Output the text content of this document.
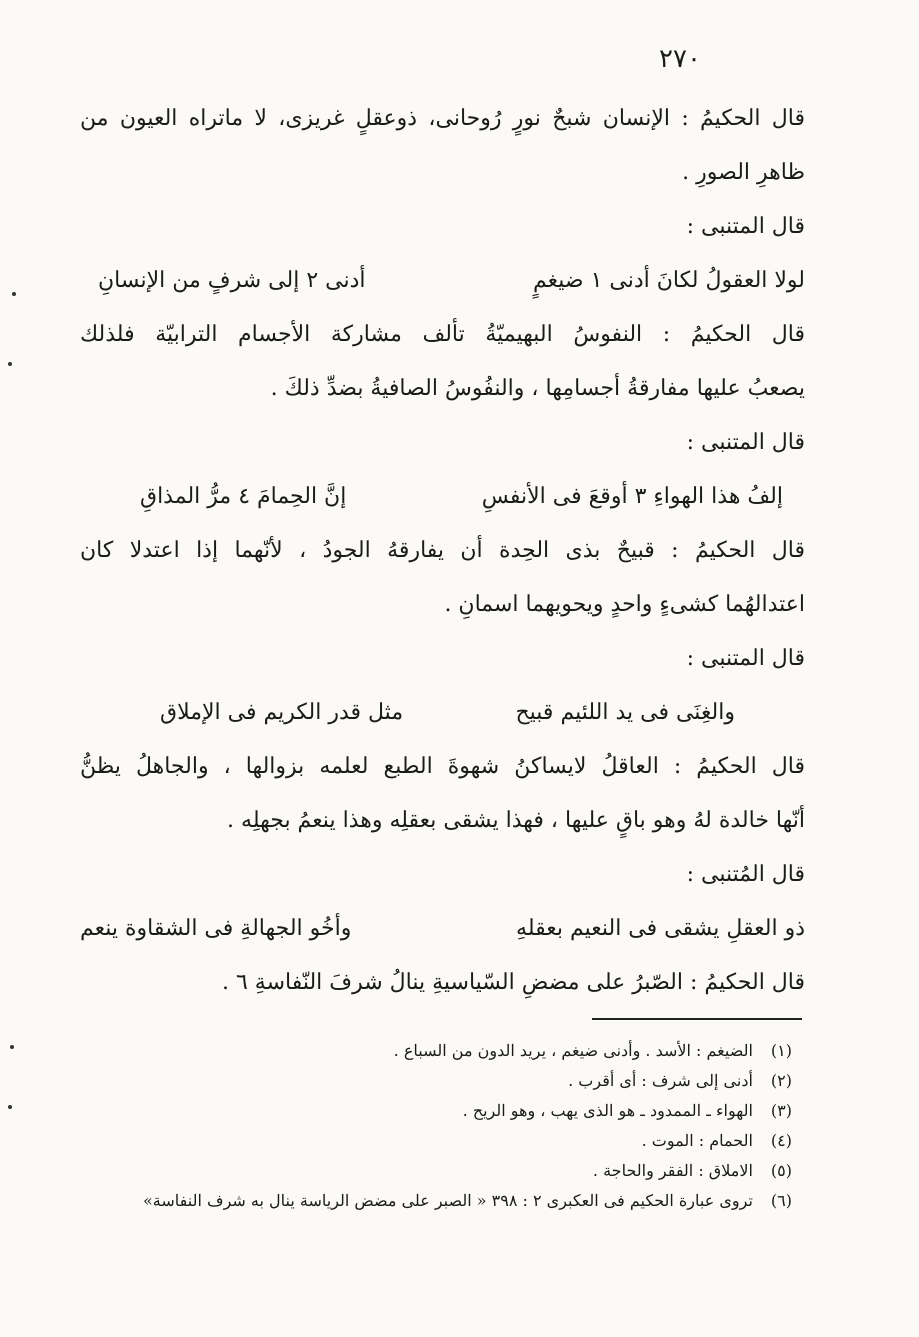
٢٧٠
قال الحكيمُ : الإنسان شبحٌ نورٍ رُوحانى، ذوعقلٍ غريزى، لا ماتراه العيون من
ظاهرِ الصورِ .
قال المتنبى :
لولا العقولُ لكانَ أدنى ١ ضيغمٍ
أدنى ٢ إلى شرفٍ من الإنسانِ
قال الحكيمُ : النفوسُ البهيميّةُ تألف مشاركة الأجسام الترابيّة فلذلك
يصعبُ عليها مفارقةُ أجسامِها ، والنفُوسُ الصافيةُ بضدِّ ذلكَ .
قال المتنبى :
إلفُ هذا الهواءِ ٣ أوقعَ فى الأنفسِ
إنَّ الحِمامَ ٤ مرُّ المذاقِ
قال الحكيمُ : قبيحٌ بذى الحِدة أن يفارقهُ الجودُ ، لأنّهما إذا اعتدلا كان
اعتدالهُما كشىءٍ واحدٍ ويحويهما اسمانِ .
قال المتنبى :
والغِنَى فى يد اللئيم قبيح
مثل قدر الكريم فى الإملاق
قال الحكيمُ : العاقلُ لايساكنُ شهوةَ الطبع لعلمه بزوالها ، والجاهلُ يظنُّ
أنّها خالدة لهُ وهو باقٍ عليها ، فهذا يشقى بعقلِه وهذا ينعمُ بجهلِه .
قال المُتنبى :
ذو العقلِ يشقى فى النعيم بعقلهِ
وأخُو الجهالةِ فى الشقاوة ينعم
قال الحكيمُ : الصّبرُ على مضضِ السّياسيةِ ينالُ شرفَ النّفاسةِ ٦ .
(١) الضيغم : الأسد . وأدنى ضيغم ، يريد الدون من السباع .
(٢) أدنى إلى شرف : أى أقرب .
(٣) الهواء ـ الممدود ـ هو الذى يهب ، وهو الريح .
(٤) الحمام : الموت .
(٥) الاملاق : الفقر والحاجة .
(٦) تروى عبارة الحكيم فى العكبرى ٢ : ٣٩٨ « الصبر على مضض الرياسة ينال به شرف النفاسة»
